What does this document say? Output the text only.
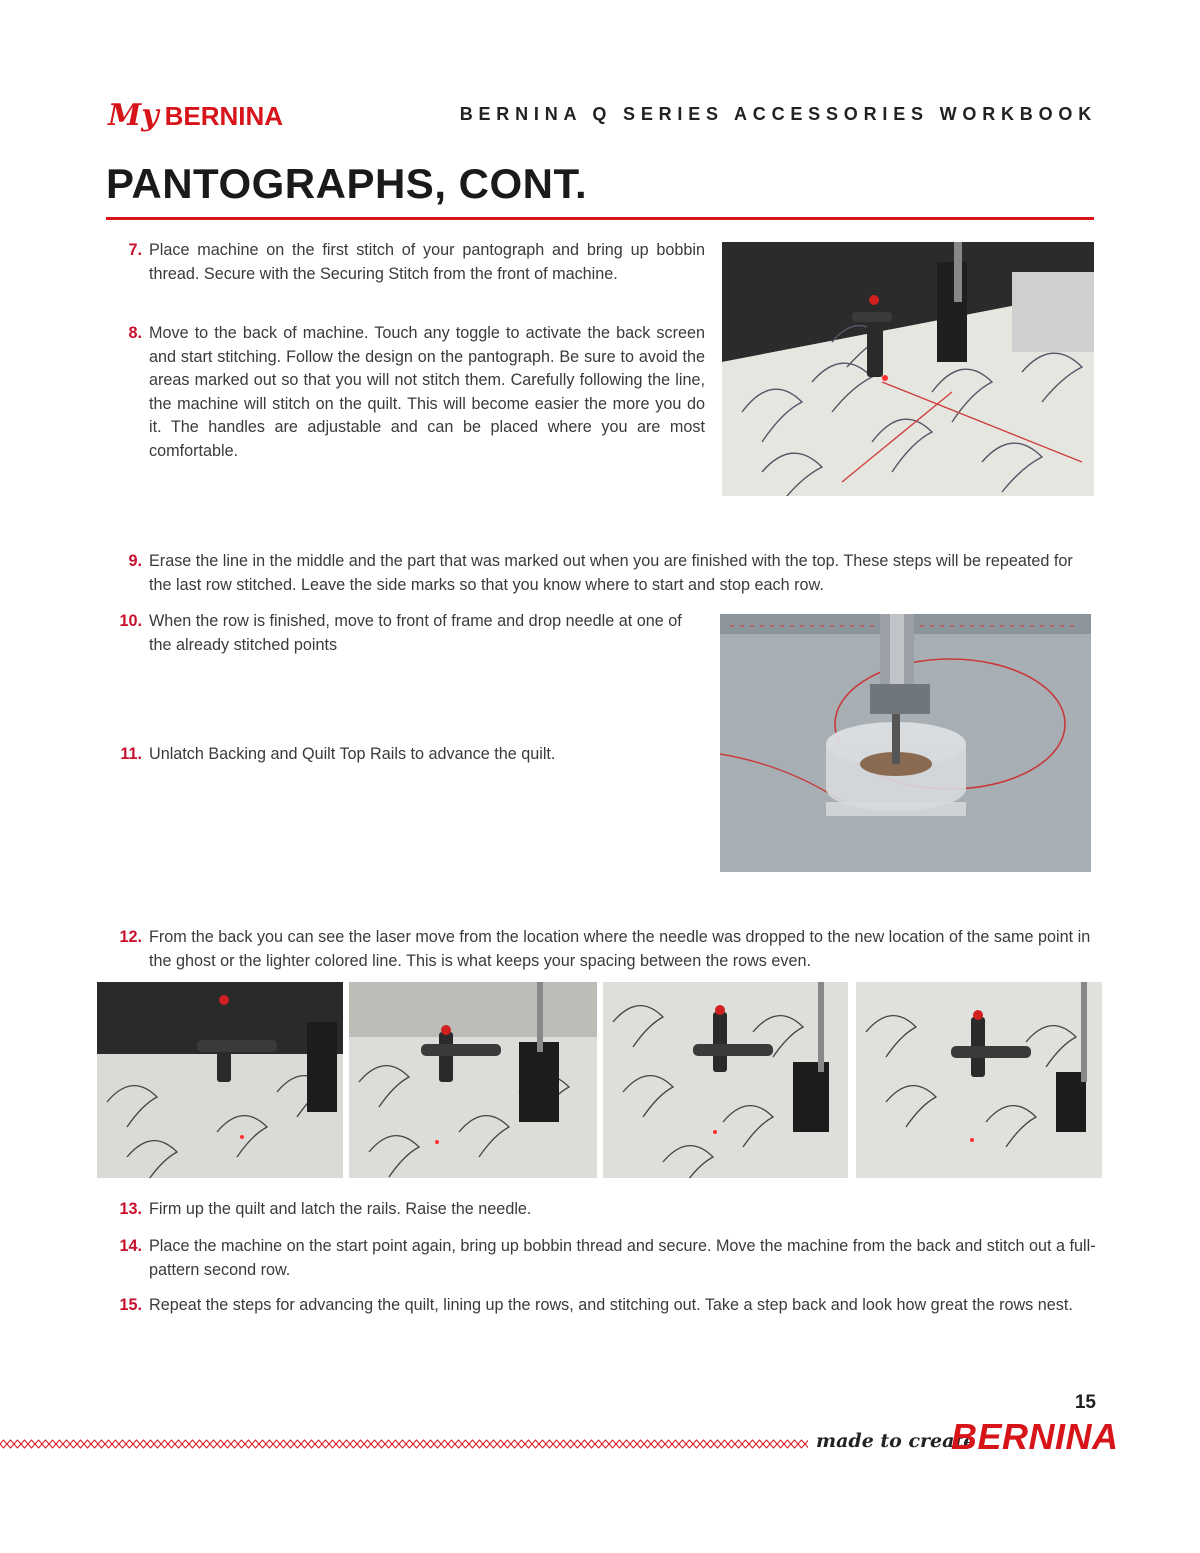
My BERNINA	BERNINA Q SERIES ACCESSORIES WORKBOOK
PANTOGRAPHS, CONT.
7. Place machine on the first stitch of your pantograph and bring up bobbin thread. Secure with the Securing Stitch from the front of machine.
8. Move to the back of machine. Touch any toggle to activate the back screen and start stitching. Follow the design on the pantograph. Be sure to avoid the areas marked out so that you will not stitch them. Carefully following the line, the machine will stitch on the quilt. This will become easier the more you do it. The handles are adjustable and can be placed where you are most comfortable.
9. Erase the line in the middle and the part that was marked out when you are finished with the top. These steps will be repeated for the last row stitched. Leave the side marks so that you know where to start and stop each row.
10. When the row is finished, move to front of frame and drop needle at one of the already stitched points
11. Unlatch Backing and Quilt Top Rails to advance the quilt.
12. From the back you can see the laser move from the location where the needle was dropped to the new location of the same point in the ghost or the lighter colored line. This is what keeps your spacing between the rows even.
13. Firm up the quilt and latch the rails. Raise the needle.
14. Place the machine on the start point again, bring up bobbin thread and secure. Move the machine from the back and stitch out a full-pattern second row.
15. Repeat the steps for advancing the quilt, lining up the rows, and stitching out. Take a step back and look how great the rows nest.
15
made to create
BERNINA
